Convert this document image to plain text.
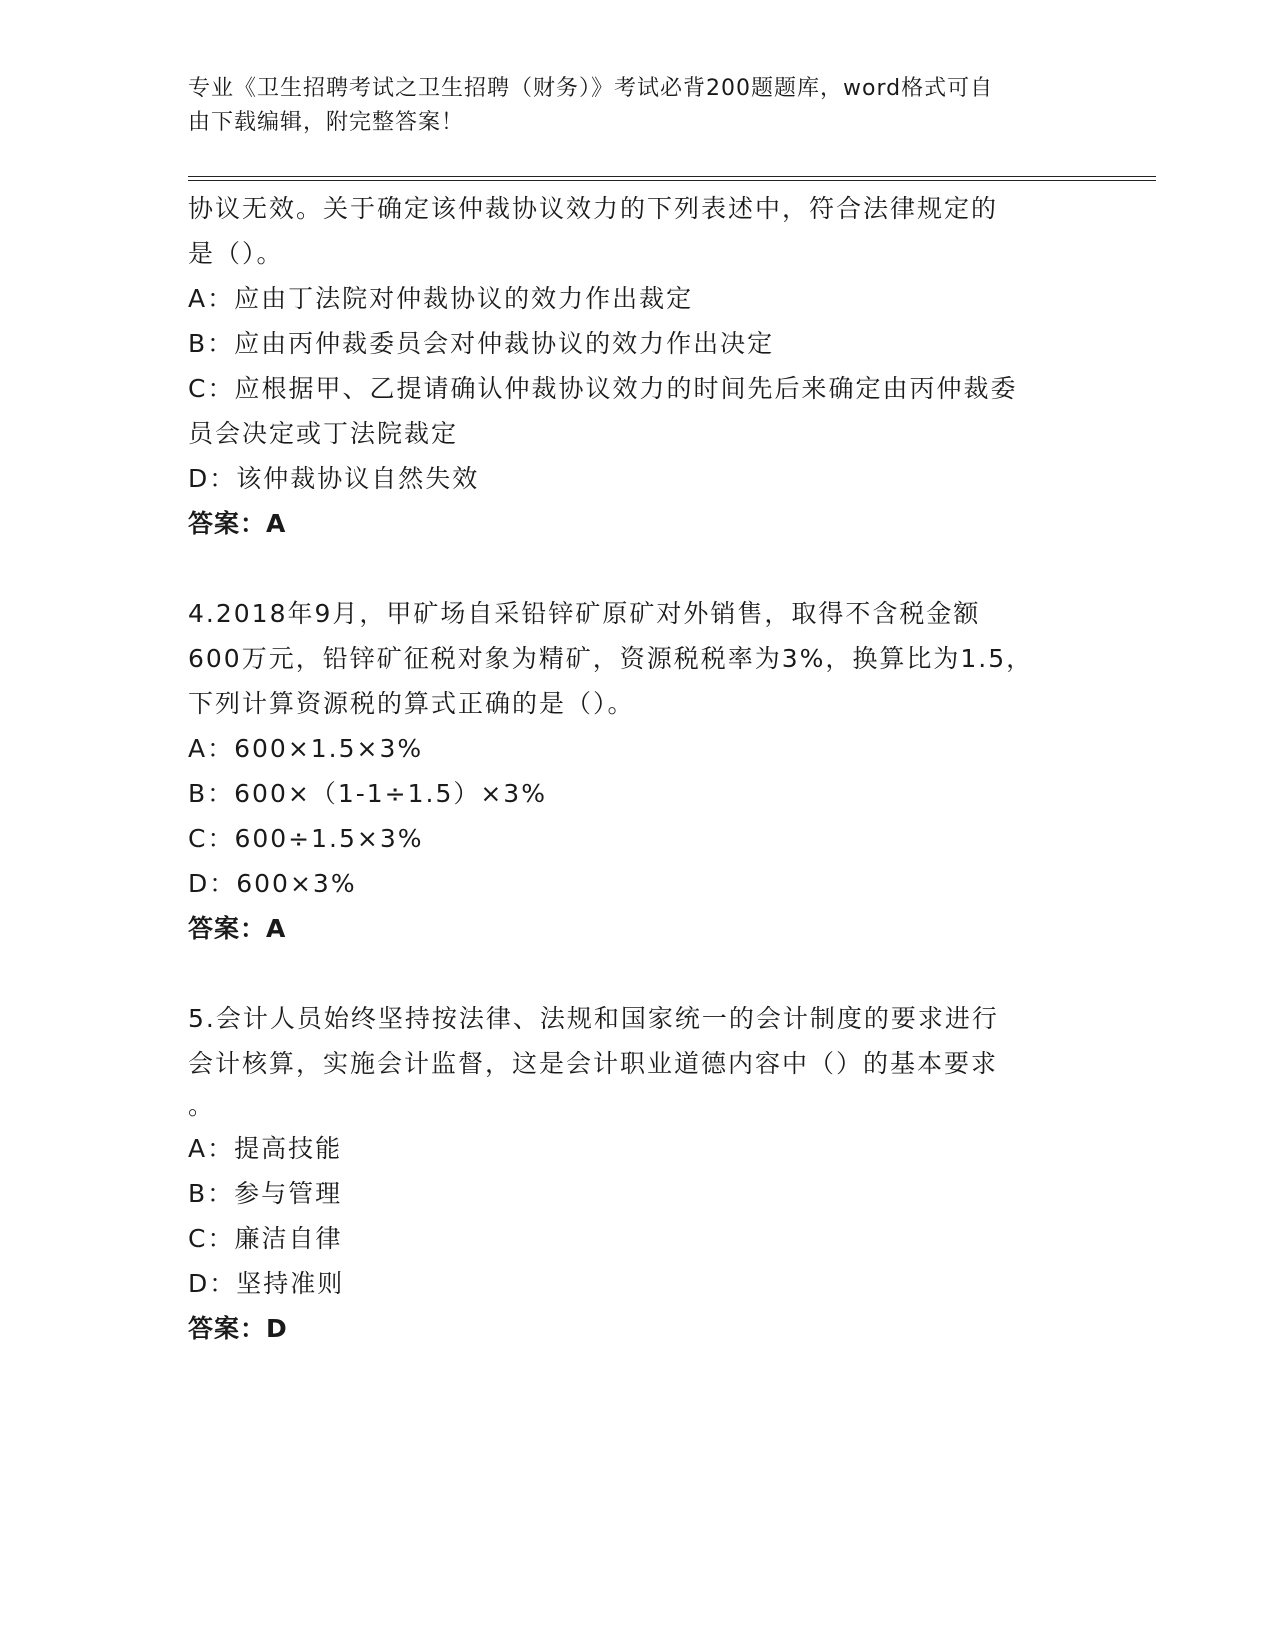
专业《卫生招聘考试之卫生招聘（财务）》考试必背200题题库，word格式可自
由下载编辑，附完整答案！
协议无效。关于确定该仲裁协议效力的下列表述中，符合法律规定的
是（）。
A：应由丁法院对仲裁协议的效力作出裁定
B：应由丙仲裁委员会对仲裁协议的效力作出决定
C：应根据甲、乙提请确认仲裁协议效力的时间先后来确定由丙仲裁委
员会决定或丁法院裁定
D：该仲裁协议自然失效
答案：A
4.2018年9月，甲矿场自采铅锌矿原矿对外销售，取得不含税金额
600万元，铅锌矿征税对象为精矿，资源税税率为3%，换算比为1.5，
下列计算资源税的算式正确的是（）。
A：600×1.5×3%
B：600×（1-1÷1.5）×3%
C：600÷1.5×3%
D：600×3%
答案：A
5.会计人员始终坚持按法律、法规和国家统一的会计制度的要求进行
会计核算，实施会计监督，这是会计职业道德内容中（）的基本要求
。
A：提高技能
B：参与管理
C：廉洁自律
D：坚持准则
答案：D
